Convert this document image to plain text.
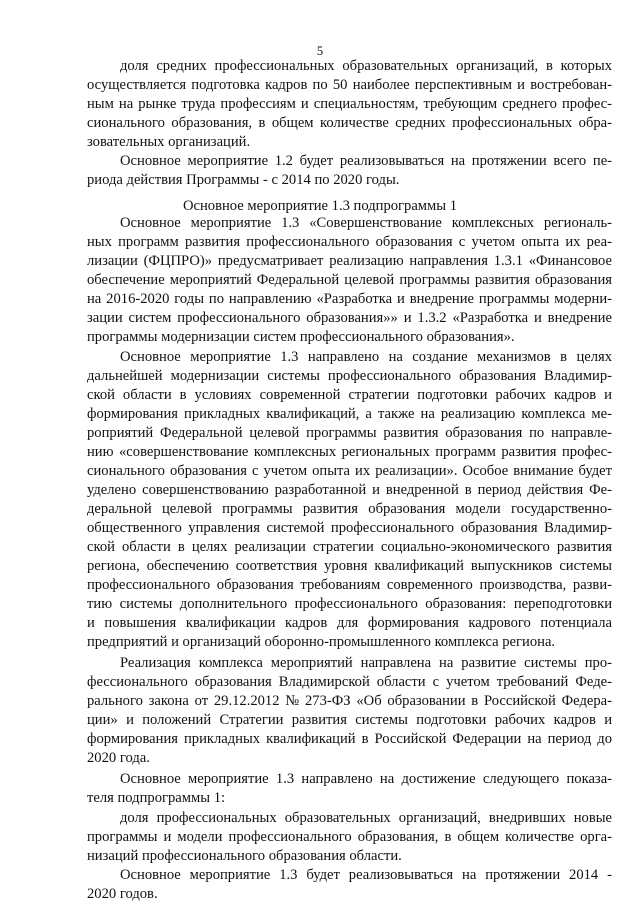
5
доля средних профессиональных образовательных организаций, в которых
осуществляется подготовка кадров по 50 наиболее перспективным и востребован-
ным на рынке труда профессиям и специальностям, требующим среднего профес-
сионального образования, в общем количестве средних профессиональных обра-
зовательных организаций.
Основное мероприятие 1.2 будет реализовываться на протяжении всего пе-
риода действия Программы - с 2014 по 2020 годы.
Основное мероприятие 1.3 подпрограммы 1
Основное мероприятие 1.3 «Совершенствование комплексных региональ-
ных программ развития профессионального образования с учетом опыта их реа-
лизации (ФЦПРО)» предусматривает реализацию направления 1.3.1 «Финансовое
обеспечение мероприятий Федеральной целевой программы развития образования
на 2016-2020 годы по направлению «Разработка и внедрение программы модерни-
зации систем профессионального образования»» и 1.3.2 «Разработка и внедрение
программы модернизации систем профессионального образования».
Основное мероприятие 1.3 направлено на создание механизмов в целях
дальнейшей модернизации системы профессионального образования Владимир-
ской области в условиях современной стратегии подготовки рабочих кадров и
формирования прикладных квалификаций, а также на реализацию комплекса ме-
роприятий Федеральной целевой программы развития образования по направле-
нию «совершенствование комплексных региональных программ развития профес-
сионального образования с учетом опыта их реализации». Особое внимание будет
уделено совершенствованию разработанной и внедренной в период действия Фе-
деральной целевой программы развития образования модели государственно-
общественного управления системой профессионального образования Владимир-
ской области в целях реализации стратегии социально-экономического развития
региона, обеспечению соответствия уровня квалификаций выпускников системы
профессионального образования требованиям современного производства, разви-
тию системы дополнительного профессионального образования: переподготовки
и повышения квалификации кадров для формирования кадрового потенциала
предприятий и организаций оборонно-промышленного комплекса региона.
Реализация комплекса мероприятий направлена на развитие системы про-
фессионального образования Владимирской области с учетом требований Феде-
рального закона от 29.12.2012 № 273-ФЗ «Об образовании в Российской Федера-
ции» и положений Стратегии развития системы подготовки рабочих кадров и
формирования прикладных квалификаций в Российской Федерации на период до
2020 года.
Основное мероприятие 1.3 направлено на достижение следующего показа-
теля подпрограммы 1:
доля профессиональных образовательных организаций, внедривших новые
программы и модели профессионального образования, в общем количестве орга-
низаций профессионального образования области.
Основное мероприятие 1.3 будет реализовываться на протяжении 2014 -
2020 годов.
